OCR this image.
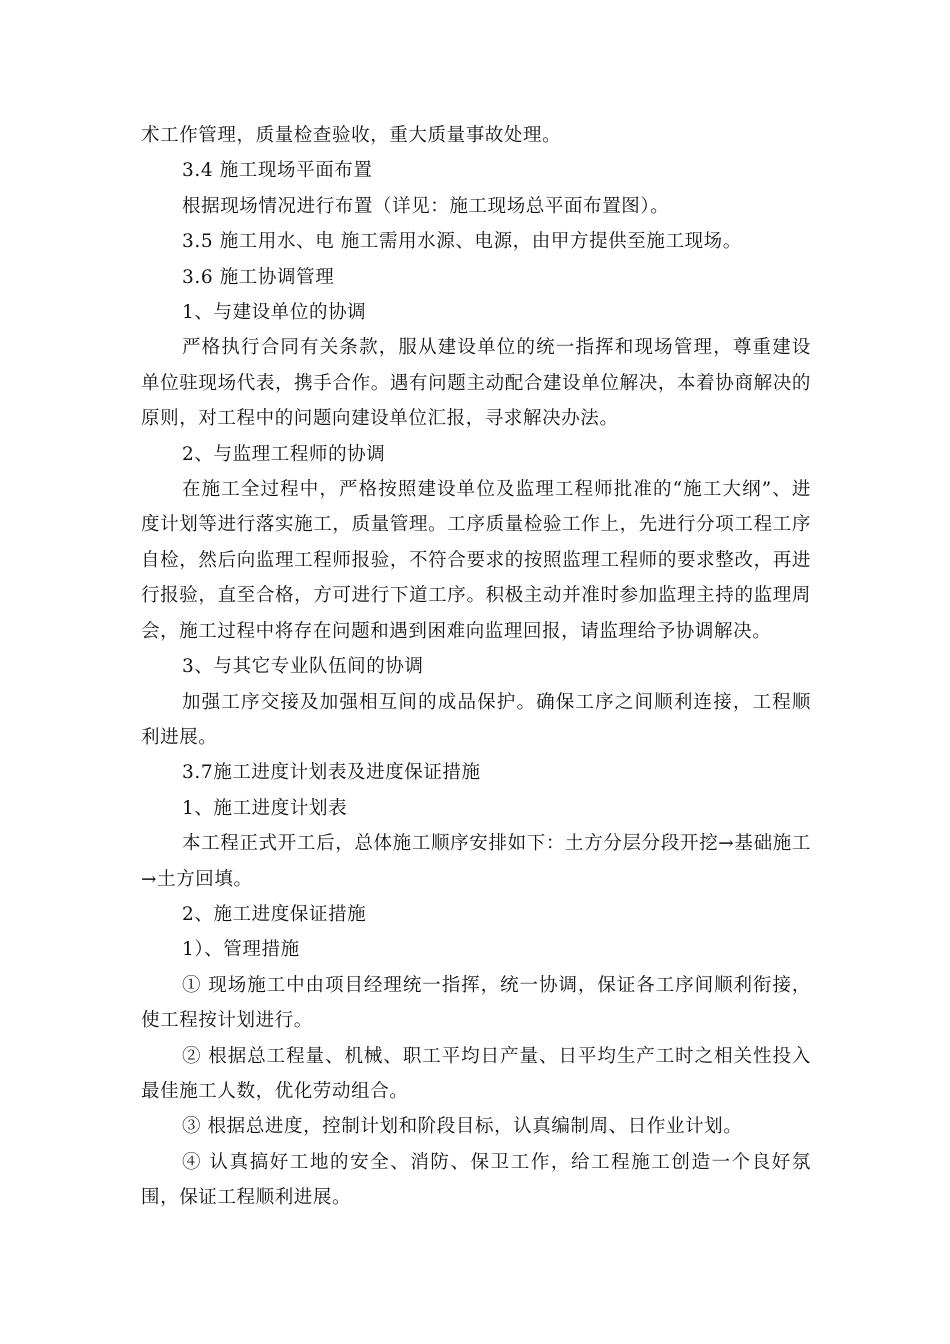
术工作管理，质量检查验收，重大质量事故处理。

3.4 施工现场平面布置

根据现场情况进行布置（详见：施工现场总平面布置图）。

3.5 施工用水、电 施工需用水源、电源，由甲方提供至施工现场。

3.6 施工协调管理

1、与建设单位的协调

严格执行合同有关条款，服从建设单位的统一指挥和现场管理，尊重建设单位驻现场代表，携手合作。遇有问题主动配合建设单位解决，本着协商解决的原则，对工程中的问题向建设单位汇报，寻求解决办法。

2、与监理工程师的协调

在施工全过程中，严格按照建设单位及监理工程师批准的“施工大纲”、进度计划等进行落实施工，质量管理。工序质量检验工作上，先进行分项工程工序自检，然后向监理工程师报验，不符合要求的按照监理工程师的要求整改，再进行报验，直至合格，方可进行下道工序。积极主动并准时参加监理主持的监理周会，施工过程中将存在问题和遇到困难向监理回报，请监理给予协调解决。

3、与其它专业队伍间的协调

加强工序交接及加强相互间的成品保护。确保工序之间顺利连接，工程顺利进展。

3.7施工进度计划表及进度保证措施

1、施工进度计划表

本工程正式开工后，总体施工顺序安排如下：土方分层分段开挖→基础施工→土方回填。

2、施工进度保证措施

1）、管理措施

① 现场施工中由项目经理统一指挥，统一协调，保证各工序间顺利衔接，使工程按计划进行。

② 根据总工程量、机械、职工平均日产量、日平均生产工时之相关性投入最佳施工人数，优化劳动组合。

③ 根据总进度，控制计划和阶段目标，认真编制周、日作业计划。

④ 认真搞好工地的安全、消防、保卫工作，给工程施工创造一个良好氛围，保证工程顺利进展。
